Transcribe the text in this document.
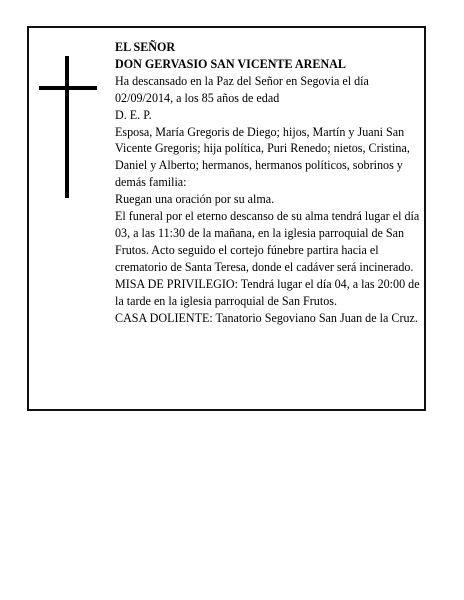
EL SEÑOR

DON GERVASIO SAN VICENTE ARENAL

Ha descansado en la Paz del Señor en Segovia el día 02/09/2014, a los 85 años de edad

D. E. P.

Esposa, María Gregoris de Diego; hijos, Martín y Juani San Vicente Gregoris; hija política, Puri Renedo; nietos, Cristina, Daniel y Alberto; hermanos, hermanos políticos, sobrinos y demás familia:

Ruegan una oración por su alma.

El funeral por el eterno descanso de su alma tendrá lugar el día 03, a las 11:30 de la mañana, en la iglesia parroquial de San Frutos. Acto seguido el cortejo fúnebre partira hacia el crematorio de Santa Teresa, donde el cadáver será incinerado. MISA DE PRIVILEGIO: Tendrá lugar el día 04, a las 20:00 de la tarde en la iglesia parroquial de San Frutos.

CASA DOLIENTE: Tanatorio Segoviano San Juan de la Cruz.
